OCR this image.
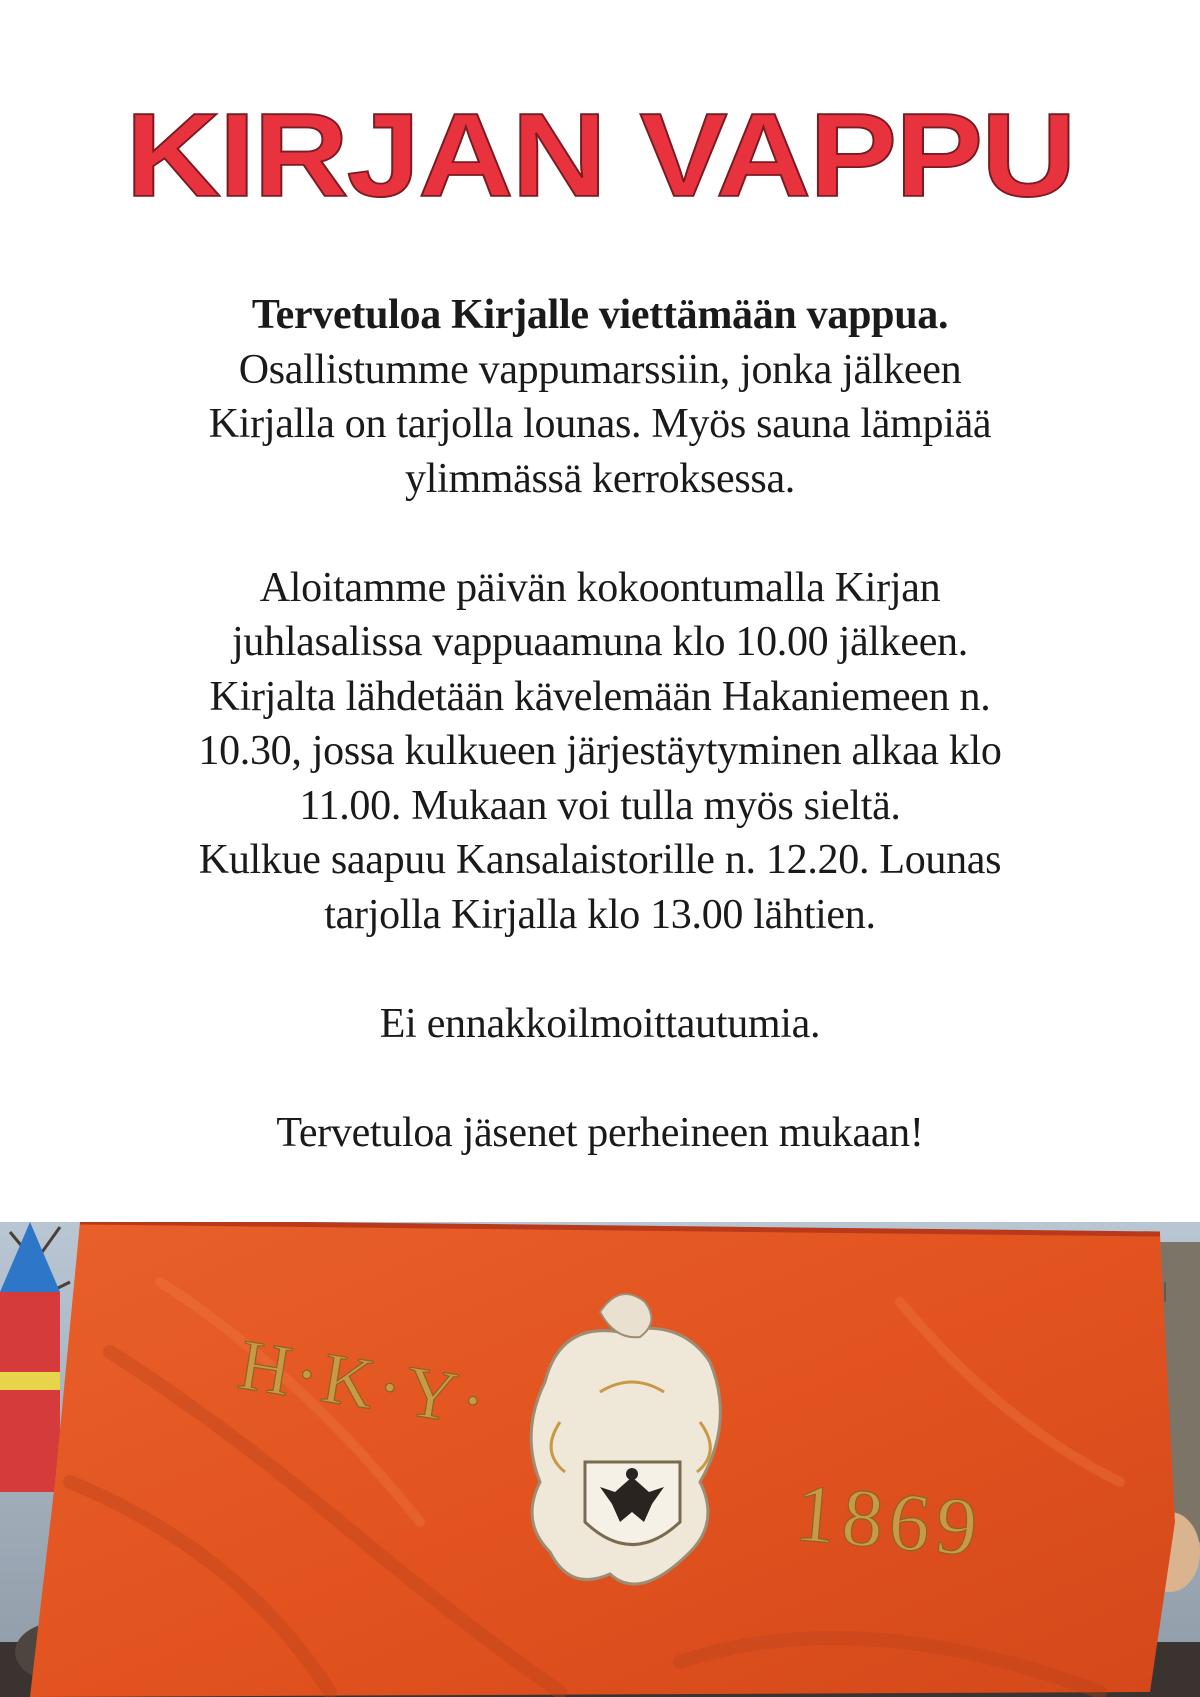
KIRJAN VAPPU

Tervetuloa Kirjalle viettämään vappua.

Osallistumme vappumarssiin, jonka jälkeen

Kirjalla on tarjolla lounas. Myös sauna lämpiää

ylimmässä kerroksessa.

Aloitamme päivän kokoontumalla Kirjan

juhlasalissa vappuaamuna klo 10.00 jälkeen.

Kirjalta lähdetään kävelemään Hakaniemeen n.

10.30, jossa kulkueen järjestäytyminen alkaa klo

11.00. Mukaan voi tulla myös sieltä.

Kulkue saapuu Kansalaistorille n. 12.20. Lounas

tarjolla Kirjalla klo 13.00 lähtien.

Ei ennakkoilmoittautumia.

Tervetuloa jäsenet perheineen mukaan!

H·K·Y·
1869
